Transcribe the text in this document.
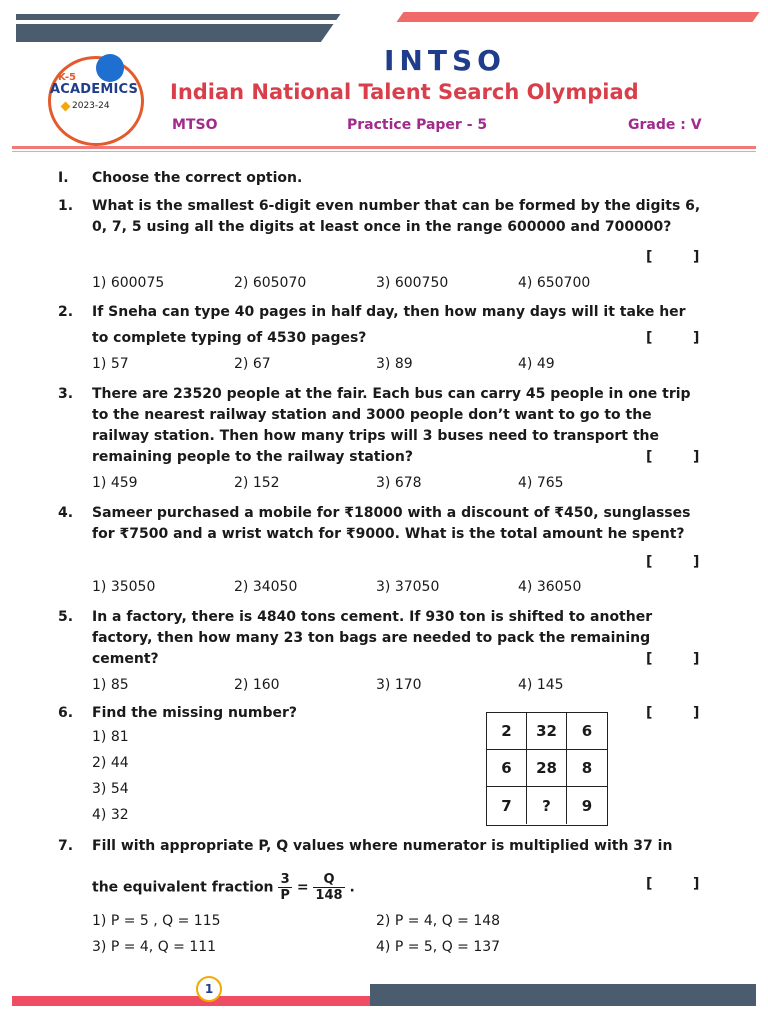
K-5
ACADEMICS
2023-24
INTSO
Indian National Talent Search Olympiad
MTSO	Practice Paper - 5	Grade : V
I. Choose the correct option.
1. What is the smallest 6-digit even number that can be formed by the digits 6,
0, 7, 5 using all the digits at least once in the range 600000 and 700000?
[	]
1) 600075	2) 605070	3) 600750	4) 650700
2. If Sneha can type 40 pages in half day, then how many days will it take her
to complete typing of 4530 pages?	[	]
1) 57	2) 67	3) 89	4) 49
3. There are 23520 people at the fair. Each bus can carry 45 people in one trip
to the nearest railway station and 3000 people don’t want to go to the
railway station. Then how many trips will 3 buses need to transport the
remaining people to the railway station?	[	]
1) 459	2) 152	3) 678	4) 765
4. Sameer purchased a mobile for ₹18000 with a discount of ₹450, sunglasses
for ₹7500 and a wrist watch for ₹9000. What is the total amount he spent?
[	]
1) 35050	2) 34050	3) 37050	4) 36050
5. In a factory, there is 4840 tons cement. If 930 ton is shifted to another
factory, then how many 23 ton bags are needed to pack the remaining
cement?	[	]
1) 85	2) 160	3) 170	4) 145
6. Find the missing number?	[	]
1) 81
2) 44
3) 54
4) 32
2	32	6
6	28	8
7	?	9
7. Fill with appropriate P, Q values where numerator is multiplied with 37 in
the equivalent fraction $\frac{3}{P} = \frac{Q}{148}$ .	[	]
1) P = 5 , Q = 115	2) P = 4, Q = 148
3) P = 4, Q = 111	4) P = 5, Q = 137
1
